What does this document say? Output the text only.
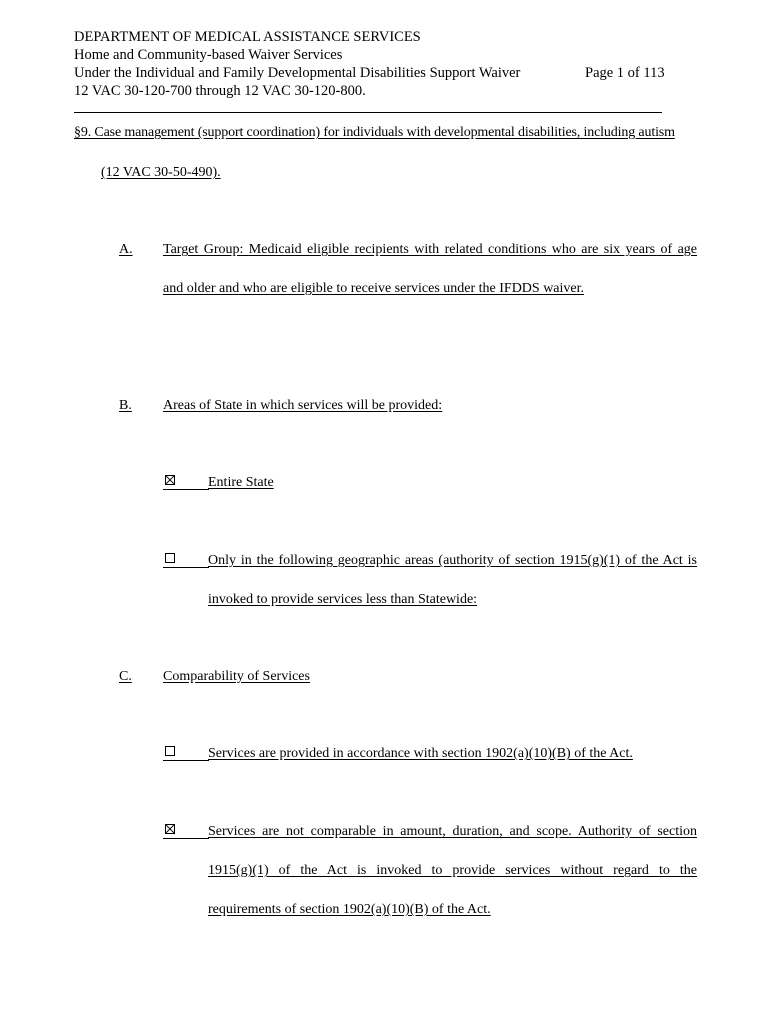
DEPARTMENT OF MEDICAL ASSISTANCE SERVICES
Home and Community-based Waiver Services
Under the Individual and Family Developmental Disabilities Support Waiver	Page 1 of 113
12 VAC 30-120-700 through 12 VAC 30-120-800.
§9. Case management (support coordination) for individuals with developmental disabilities, including autism
(12 VAC 30-50-490).
A. Target Group: Medicaid eligible recipients with related conditions who are six years of age
and older and who are eligible to receive services under the IFDDS waiver.
B. Areas of State in which services will be provided:
Entire State
Only in the following geographic areas (authority of section 1915(g)(1) of the Act is
invoked to provide services less than Statewide:
C. Comparability of Services
Services are provided in accordance with section 1902(a)(10)(B) of the Act.
Services are not comparable in amount, duration, and scope. Authority of section
1915(g)(1) of the Act is invoked to provide services without regard to the
requirements of section 1902(a)(10)(B) of the Act.
